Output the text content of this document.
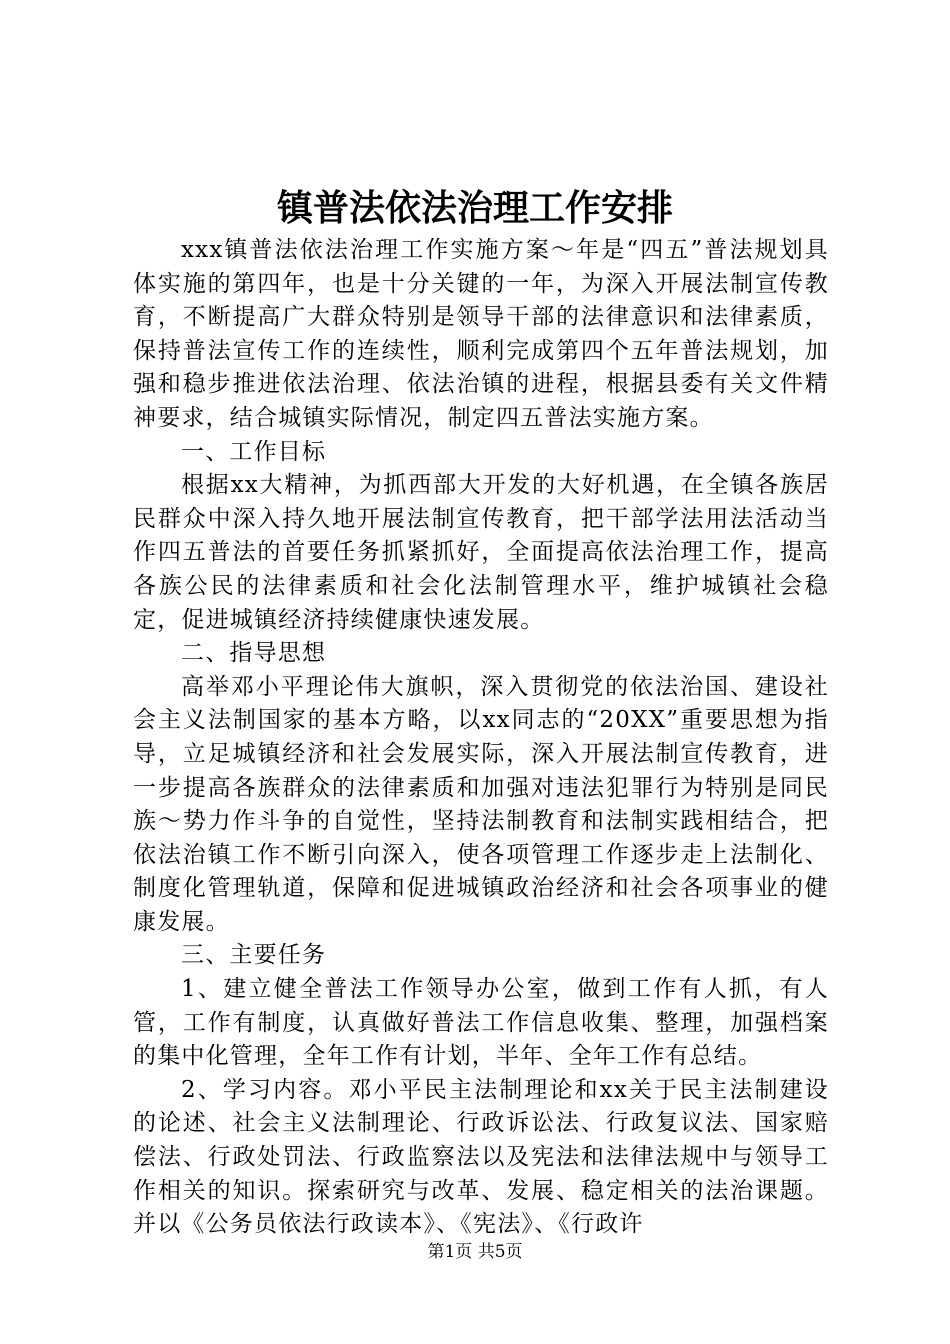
镇普法依法治理工作安排

xxx镇普法依法治理工作实施方案～年是“四五”普法规划具体实施的第四年，也是十分关键的一年，为深入开展法制宣传教育，不断提高广大群众特别是领导干部的法律意识和法律素质，保持普法宣传工作的连续性，顺利完成第四个五年普法规划，加强和稳步推进依法治理、依法治镇的进程，根据县委有关文件精神要求，结合城镇实际情况，制定四五普法实施方案。

一、工作目标

根据xx大精神，为抓西部大开发的大好机遇，在全镇各族居民群众中深入持久地开展法制宣传教育，把干部学法用法活动当作四五普法的首要任务抓紧抓好，全面提高依法治理工作，提高各族公民的法律素质和社会化法制管理水平，维护城镇社会稳定，促进城镇经济持续健康快速发展。

二、指导思想

高举邓小平理论伟大旗帜，深入贯彻党的依法治国、建设社会主义法制国家的基本方略，以xx同志的“20XX”重要思想为指导，立足城镇经济和社会发展实际，深入开展法制宣传教育，进一步提高各族群众的法律素质和加强对违法犯罪行为特别是同民族～势力作斗争的自觉性，坚持法制教育和法制实践相结合，把依法治镇工作不断引向深入，使各项管理工作逐步走上法制化、制度化管理轨道，保障和促进城镇政治经济和社会各项事业的健康发展。

三、主要任务

1、建立健全普法工作领导办公室，做到工作有人抓，有人管，工作有制度，认真做好普法工作信息收集、整理，加强档案的集中化管理，全年工作有计划，半年、全年工作有总结。

2、学习内容。邓小平民主法制理论和xx关于民主法制建设的论述、社会主义法制理论、行政诉讼法、行政复议法、国家赔偿法、行政处罚法、行政监察法以及宪法和法律法规中与领导工作相关的知识。探索研究与改革、发展、稳定相关的法治课题。并以《公务员依法行政读本》、《宪法》、《行政许

第1页 共5页
